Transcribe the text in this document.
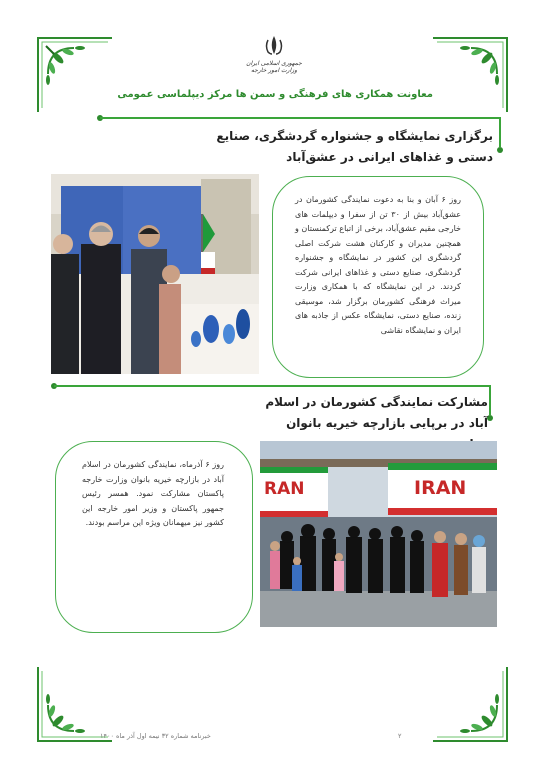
جمهوری اسلامی ایران
وزارت امور خارجه
معاونت همکاری های فرهنگی و سمن ها مرکز دیپلماسی عمومی
برگزاری نمایشگاه و جشنواره گردشگری، صنایع
دستی و غذاهای ایرانی در عشق‌آباد

روز ۶ آبان و بنا به دعوت نمایندگی کشورمان در عشق‌آباد بیش از ۳۰ تن از سفرا و دیپلمات های خارجی مقیم عشق‌آباد، برخی از اتباع ترکمنستان و همچنین مدیران و کارکنان هشت شرکت اصلی گردشگری این کشور در نمایشگاه و جشنواره گردشگری، صنایع دستی و غذاهای ایرانی شرکت کردند. در این نمایشگاه که با همکاری وزارت میراث فرهنگی کشورمان برگزار شد، موسیقی زنده، صنایع دستی، نمایشگاه عکس از جاذبه های ایران و نمایشگاه نقاشی

مشارکت نمایندگی کشورمان در اسلام
آباد در برپایی بازارچه خیریه بانوان

روز ۶ آذرماه، نمایندگی کشورمان در اسلام آباد در بازارچه خیریه بانوان وزارت خارجه پاکستان مشارکت نمود. همسر رئیس جمهور پاکستان و وزیر امور خارجه این کشور نیز میهمانان ویژه این مراسم بودند.

RAN	IRAN
خبرنامه شماره ۳۲ نیمه اول آذر ماه ۱۴۰۰	۲
